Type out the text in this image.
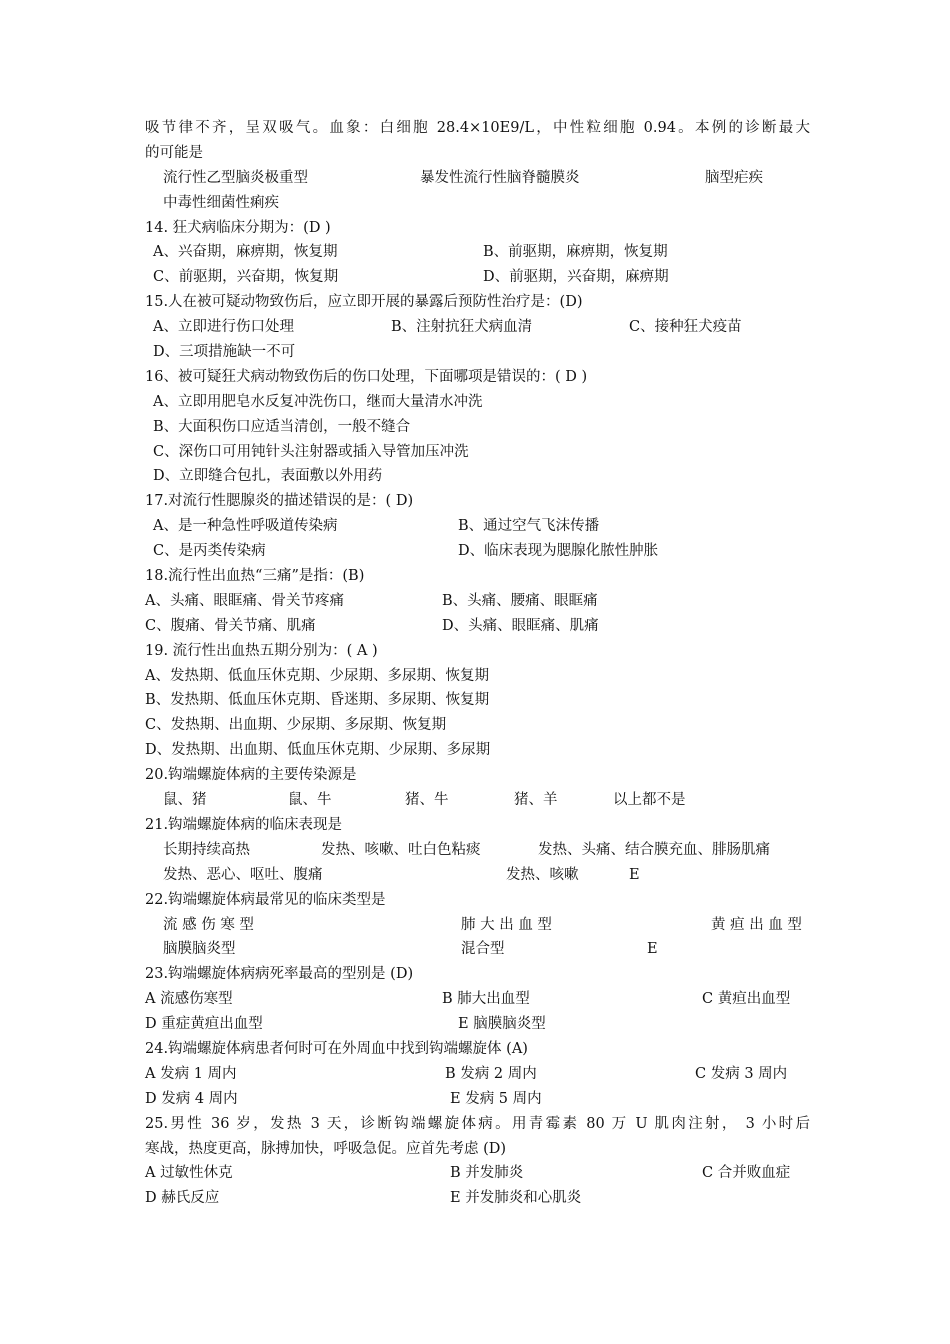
吸节律不齐，呈双吸气。血象：白细胞 28.4×10E9/L，中性粒细胞 0.94。本例的诊断最大
的可能是
流行性乙型脑炎极重型	暴发性流行性脑脊髓膜炎	脑型疟疾
中毒性细菌性痢疾
14. 狂犬病临床分期为：(D )
A、兴奋期，麻痹期，恢复期	B、前驱期，麻痹期，恢复期
C、前驱期，兴奋期，恢复期	D、前驱期，兴奋期，麻痹期
15.人在被可疑动物致伤后，应立即开展的暴露后预防性治疗是：(D)
A、立即进行伤口处理	B、注射抗狂犬病血清	C、接种狂犬疫苗
D、三项措施缺一不可
16、被可疑狂犬病动物致伤后的伤口处理，下面哪项是错误的：( D )
A、立即用肥皂水反复冲洗伤口，继而大量清水冲洗
B、大面积伤口应适当清创，一般不缝合
C、深伤口可用钝针头注射器或插入导管加压冲洗
D、立即缝合包扎，表面敷以外用药
17.对流行性腮腺炎的描述错误的是：( D)
A、是一种急性呼吸道传染病	B、通过空气飞沫传播
C、是丙类传染病	D、临床表现为腮腺化脓性肿胀
18.流行性出血热“三痛”是指：(B)
A、头痛、眼眶痛、骨关节疼痛	B、头痛、腰痛、眼眶痛
C、腹痛、骨关节痛、肌痛	D、头痛、眼眶痛、肌痛
19. 流行性出血热五期分别为：( A )
A、发热期、低血压休克期、少尿期、多尿期、恢复期
B、发热期、低血压休克期、昏迷期、多尿期、恢复期
C、发热期、出血期、少尿期、多尿期、恢复期
D、发热期、出血期、低血压休克期、少尿期、多尿期
20.钩端螺旋体病的主要传染源是
鼠、猪	鼠、牛	猪、牛	猪、羊	以上都不是
21.钩端螺旋体病的临床表现是
长期持续高热	发热、咳嗽、吐白色粘痰	发热、头痛、结合膜充血、腓肠肌痛
发热、恶心、呕吐、腹痛	发热、咳嗽	E
22.钩端螺旋体病最常见的临床类型是
流 感 伤 寒 型	肺 大 出 血 型	黄 疸 出 血 型
脑膜脑炎型	混合型	E
23.钩端螺旋体病病死率最高的型别是 (D)
A 流感伤寒型	B 肺大出血型	C 黄疸出血型
D 重症黄疸出血型	E 脑膜脑炎型
24.钩端螺旋体病患者何时可在外周血中找到钩端螺旋体 (A)
A 发病 1 周内	B 发病 2 周内	C 发病 3 周内
D 发病 4 周内	E 发病 5 周内
25.男性 36 岁，发热 3 天，诊断钩端螺旋体病。用青霉素 80 万 U 肌肉注射， 3 小时后
寒战，热度更高，脉搏加快，呼吸急促。应首先考虑 (D)
A 过敏性休克	B 并发肺炎	C 合并败血症
D 赫氏反应	E 并发肺炎和心肌炎
